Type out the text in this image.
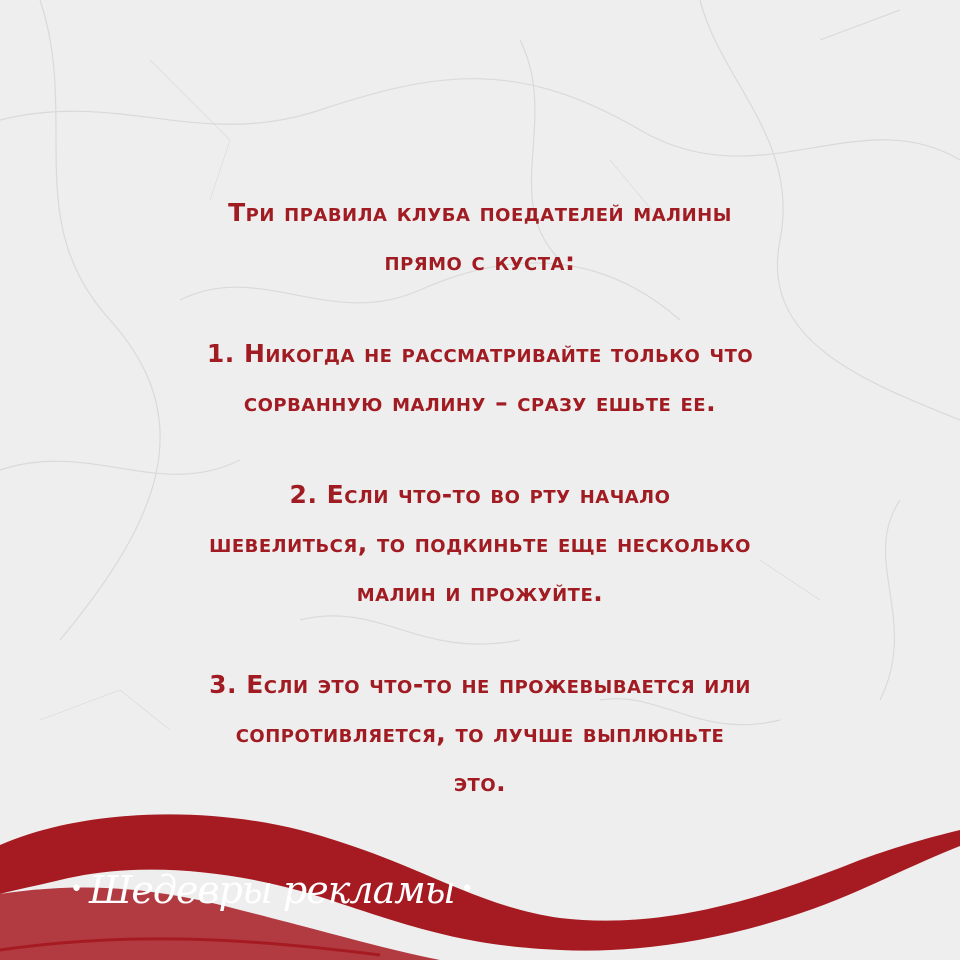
Три правила клуба поедателей малины
прямо с куста:

1. Никогда не рассматривайте только что
сорванную малину – сразу ешьте ее.

2. Если что-то во рту начало
шевелиться, то подкиньте еще несколько
малин и прожуйте.

3. Если это что-то не прожевывается или
сопротивляется, то лучше выплюньте
это.

• Шедевры рекламы •
